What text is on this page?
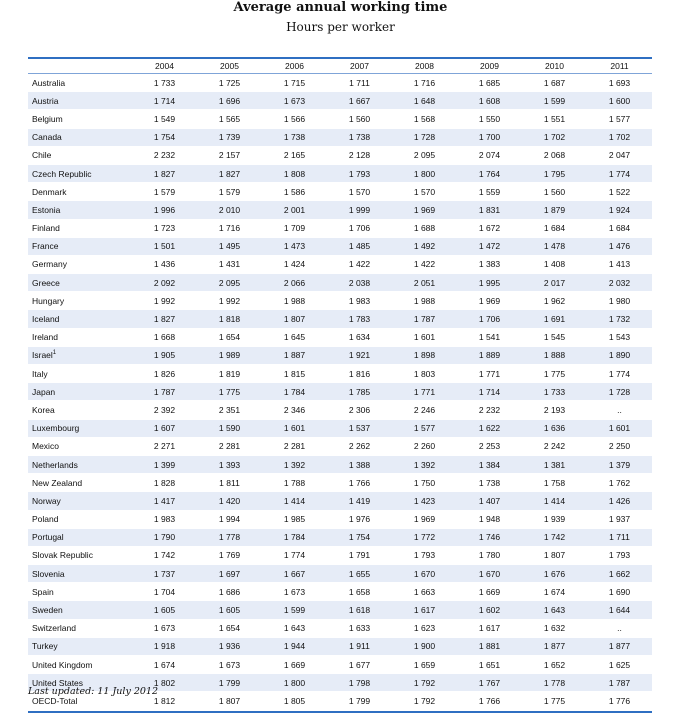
Average annual working time
Hours per worker
	2004	2005	2006	2007	2008	2009	2010	2011
Australia	1 733	1 725	1 715	1 711	1 716	1 685	1 687	1 693
Austria	1 714	1 696	1 673	1 667	1 648	1 608	1 599	1 600
Belgium	1 549	1 565	1 566	1 560	1 568	1 550	1 551	1 577
Canada	1 754	1 739	1 738	1 738	1 728	1 700	1 702	1 702
Chile	2 232	2 157	2 165	2 128	2 095	2 074	2 068	2 047
Czech Republic	1 827	1 827	1 808	1 793	1 800	1 764	1 795	1 774
Denmark	1 579	1 579	1 586	1 570	1 570	1 559	1 560	1 522
Estonia	1 996	2 010	2 001	1 999	1 969	1 831	1 879	1 924
Finland	1 723	1 716	1 709	1 706	1 688	1 672	1 684	1 684
France	1 501	1 495	1 473	1 485	1 492	1 472	1 478	1 476
Germany	1 436	1 431	1 424	1 422	1 422	1 383	1 408	1 413
Greece	2 092	2 095	2 066	2 038	2 051	1 995	2 017	2 032
Hungary	1 992	1 992	1 988	1 983	1 988	1 969	1 962	1 980
Iceland	1 827	1 818	1 807	1 783	1 787	1 706	1 691	1 732
Ireland	1 668	1 654	1 645	1 634	1 601	1 541	1 545	1 543
Israel$^1$	1 905	1 989	1 887	1 921	1 898	1 889	1 888	1 890
Italy	1 826	1 819	1 815	1 816	1 803	1 771	1 775	1 774
Japan	1 787	1 775	1 784	1 785	1 771	1 714	1 733	1 728
Korea	2 392	2 351	2 346	2 306	2 246	2 232	2 193	..
Luxembourg	1 607	1 590	1 601	1 537	1 577	1 622	1 636	1 601
Mexico	2 271	2 281	2 281	2 262	2 260	2 253	2 242	2 250
Netherlands	1 399	1 393	1 392	1 388	1 392	1 384	1 381	1 379
New Zealand	1 828	1 811	1 788	1 766	1 750	1 738	1 758	1 762
Norway	1 417	1 420	1 414	1 419	1 423	1 407	1 414	1 426
Poland	1 983	1 994	1 985	1 976	1 969	1 948	1 939	1 937
Portugal	1 790	1 778	1 784	1 754	1 772	1 746	1 742	1 711
Slovak Republic	1 742	1 769	1 774	1 791	1 793	1 780	1 807	1 793
Slovenia	1 737	1 697	1 667	1 655	1 670	1 670	1 676	1 662
Spain	1 704	1 686	1 673	1 658	1 663	1 669	1 674	1 690
Sweden	1 605	1 605	1 599	1 618	1 617	1 602	1 643	1 644
Switzerland	1 673	1 654	1 643	1 633	1 623	1 617	1 632	..
Turkey	1 918	1 936	1 944	1 911	1 900	1 881	1 877	1 877
United Kingdom	1 674	1 673	1 669	1 677	1 659	1 651	1 652	1 625
United States	1 802	1 799	1 800	1 798	1 792	1 767	1 778	1 787
OECD-Total	1 812	1 807	1 805	1 799	1 792	1 766	1 775	1 776
Last updated: 11 July 2012
